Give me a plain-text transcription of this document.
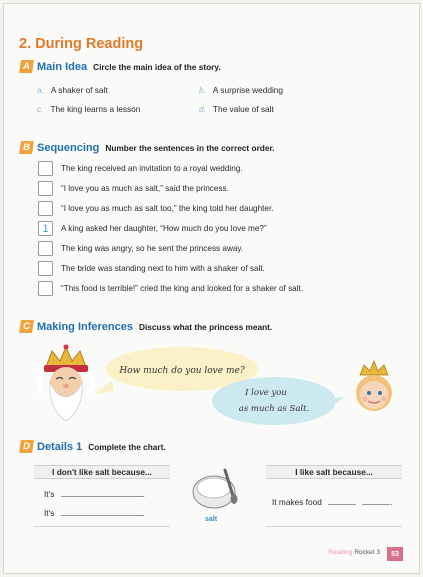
2. During Reading
A Main Idea Circle the main idea of the story.
a. A shaker of salt	b. A surprise wedding
c. The king learns a lesson	d. The value of salt
B Sequencing Number the sentences in the correct order.
The king received an invitation to a royal wedding.
“I love you as much as salt,” said the princess.
“I love you as much as salt too,” the king told her daughter.
1	A king asked her daughter, “How much do you love me?”
The king was angry, so he sent the princess away.
The bride was standing next to him with a shaker of salt.
“This food is terrible!” cried the king and looked for a shaker of salt.
C Making Inferences Discuss what the princess meant.
How much do you love me?
I love you
as much as Salt.
D Details 1 Complete the chart.
I don't like salt because...
It's	.
It's	.
salt
I like salt because...
It makes food	.
Reading Rocket 3	53
